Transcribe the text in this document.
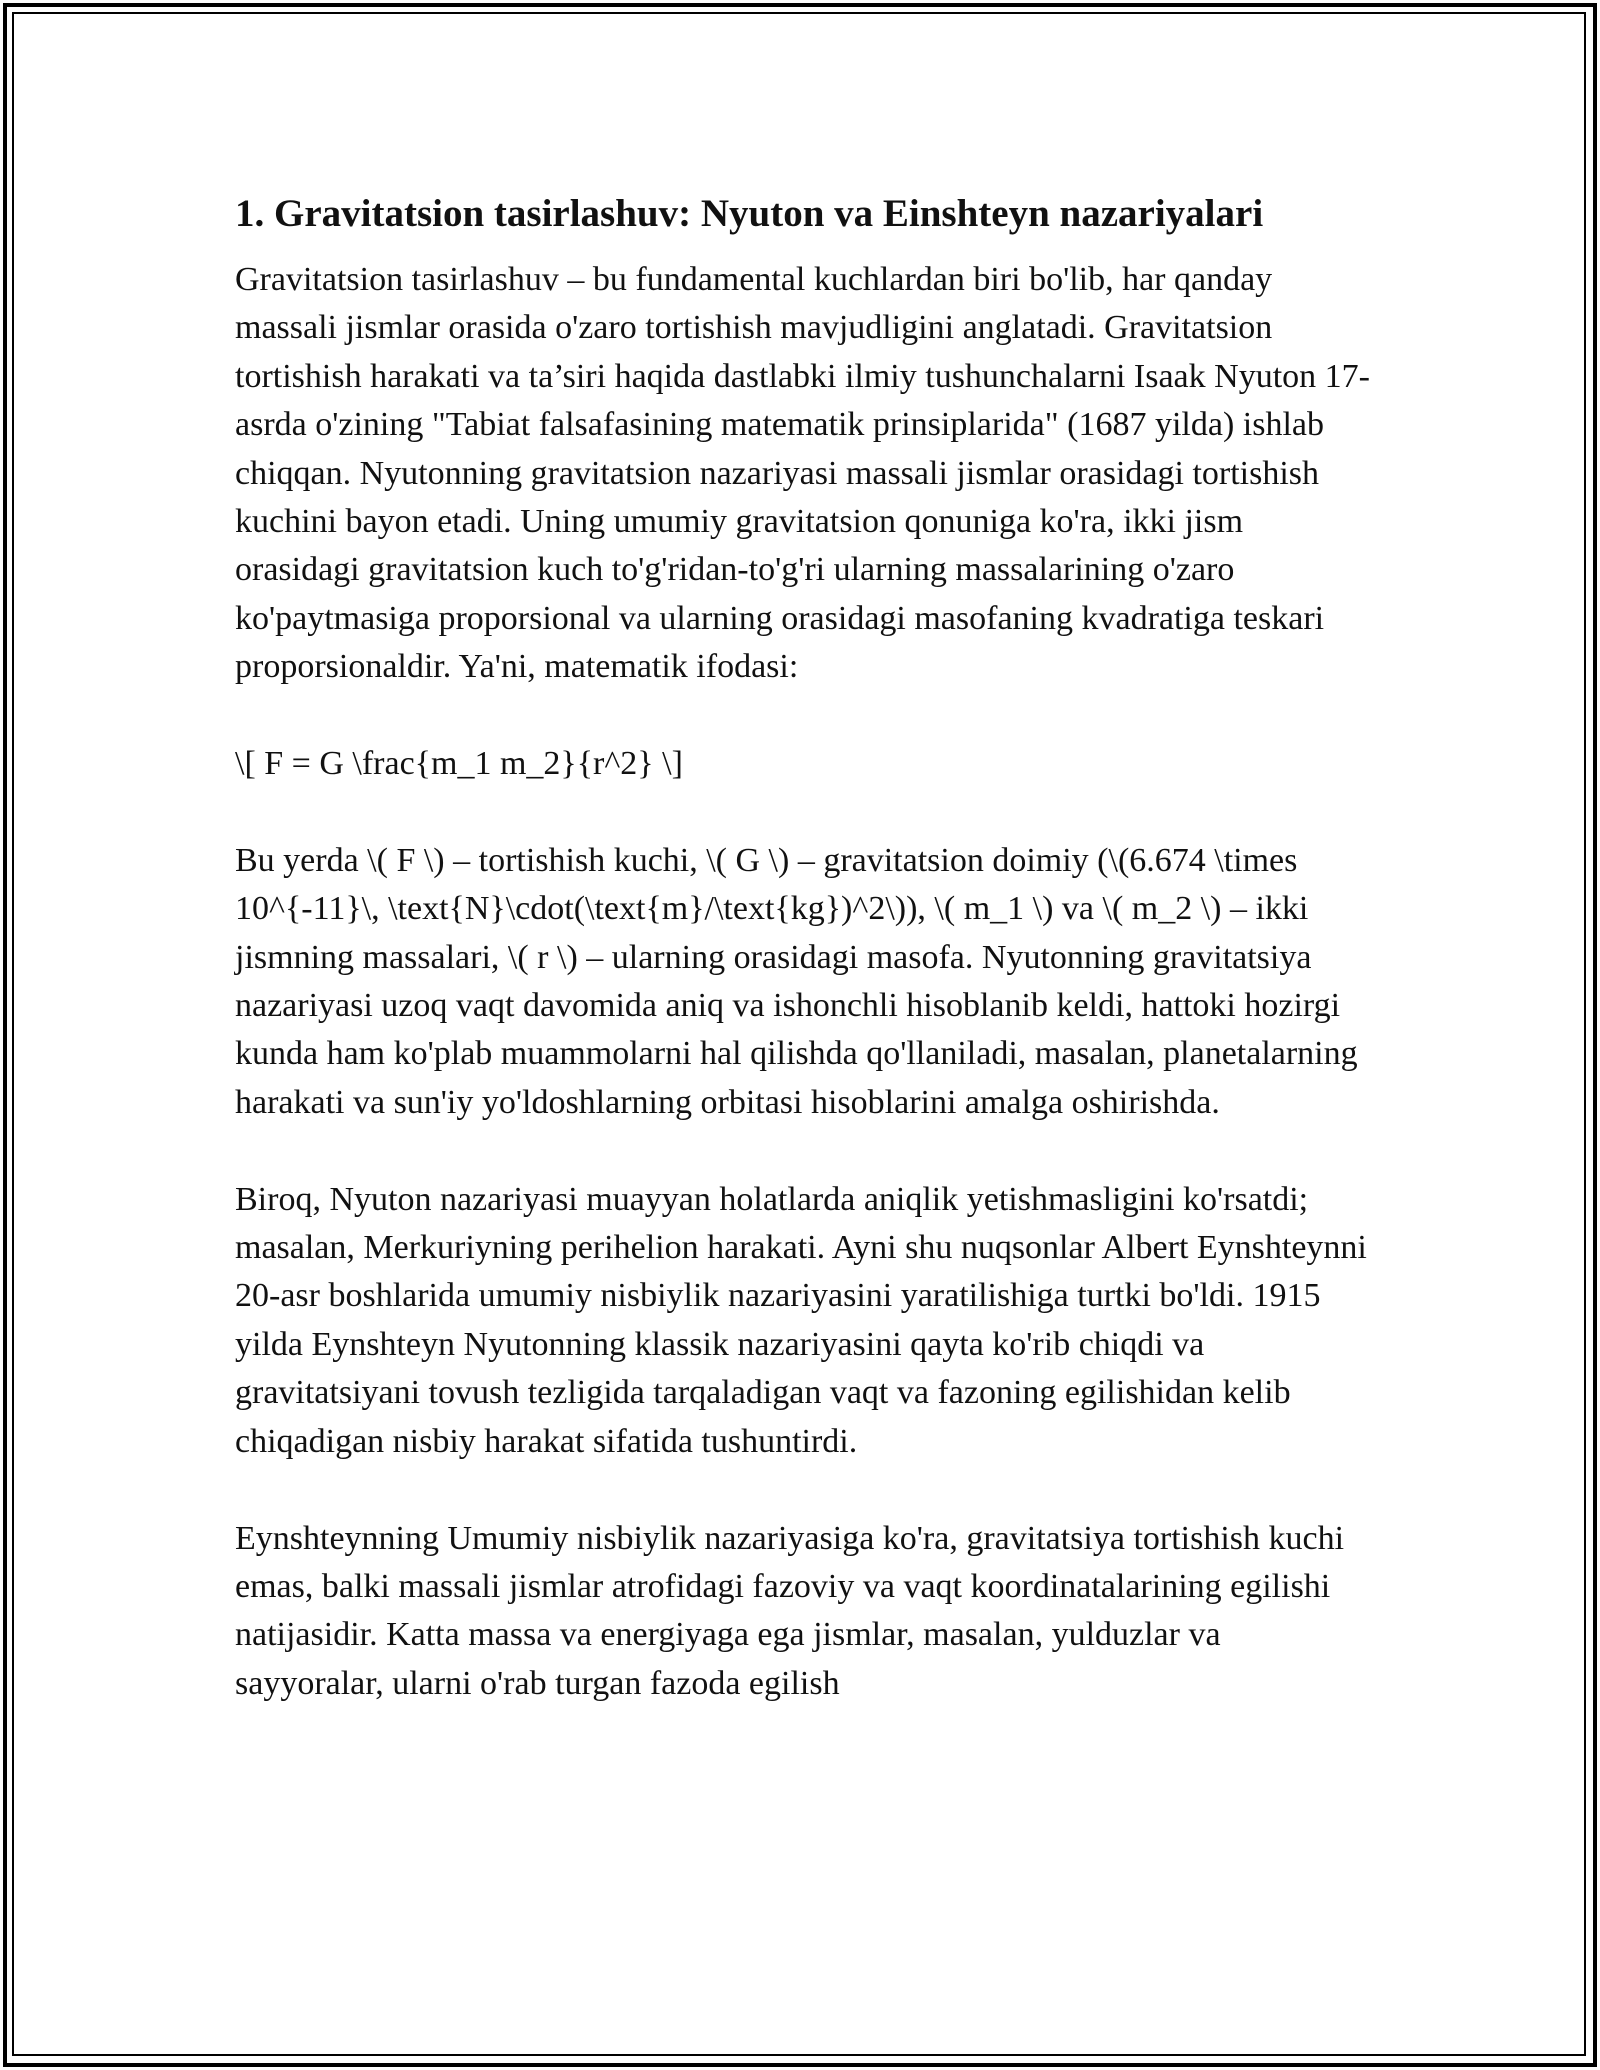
1. Gravitatsion tasirlashuv: Nyuton va Einshteyn nazariyalari

Gravitatsion tasirlashuv – bu fundamental kuchlardan biri bo'lib, har qanday massali jismlar orasida o'zaro tortishish mavjudligini anglatadi. Gravitatsion tortishish harakati va ta’siri haqida dastlabki ilmiy tushunchalarni Isaak Nyuton 17-asrda o'zining "Tabiat falsafasining matematik prinsiplarida" (1687 yilda) ishlab chiqqan. Nyutonning gravitatsion nazariyasi massali jismlar orasidagi tortishish kuchini bayon etadi. Uning umumiy gravitatsion qonuniga ko'ra, ikki jism orasidagi gravitatsion kuch to'g'ridan-to'g'ri ularning massalarining o'zaro ko'paytmasiga proporsional va ularning orasidagi masofaning kvadratiga teskari proporsionaldir. Ya'ni, matematik ifodasi:

\[ F = G \frac{m_1 m_2}{r^2} \]

Bu yerda \( F \) – tortishish kuchi, \( G \) – gravitatsion doimiy (\(6.674 \times 10^{-11}\, \text{N}\cdot(\text{m}/\text{kg})^2\)), \( m_1 \) va \( m_2 \) – ikki jismning massalari, \( r \) – ularning orasidagi masofa. Nyutonning gravitatsiya nazariyasi uzoq vaqt davomida aniq va ishonchli hisoblanib keldi, hattoki hozirgi kunda ham ko'plab muammolarni hal qilishda qo'llaniladi, masalan, planetalarning harakati va sun'iy yo'ldoshlarning orbitasi hisoblarini amalga oshirishda.

Biroq, Nyuton nazariyasi muayyan holatlarda aniqlik yetishmasligini ko'rsatdi; masalan, Merkuriyning perihelion harakati. Ayni shu nuqsonlar Albert Eynshteynni 20-asr boshlarida umumiy nisbiylik nazariyasini yaratilishiga turtki bo'ldi. 1915 yilda Eynshteyn Nyutonning klassik nazariyasini qayta ko'rib chiqdi va gravitatsiyani tovush tezligida tarqaladigan vaqt va fazoning egilishidan kelib chiqadigan nisbiy harakat sifatida tushuntirdi.

Eynshteynning Umumiy nisbiylik nazariyasiga ko'ra, gravitatsiya tortishish kuchi emas, balki massali jismlar atrofidagi fazoviy va vaqt koordinatalarining egilishi natijasidir. Katta massa va energiyaga ega jismlar, masalan, yulduzlar va sayyoralar, ularni o'rab turgan fazoda egilish
